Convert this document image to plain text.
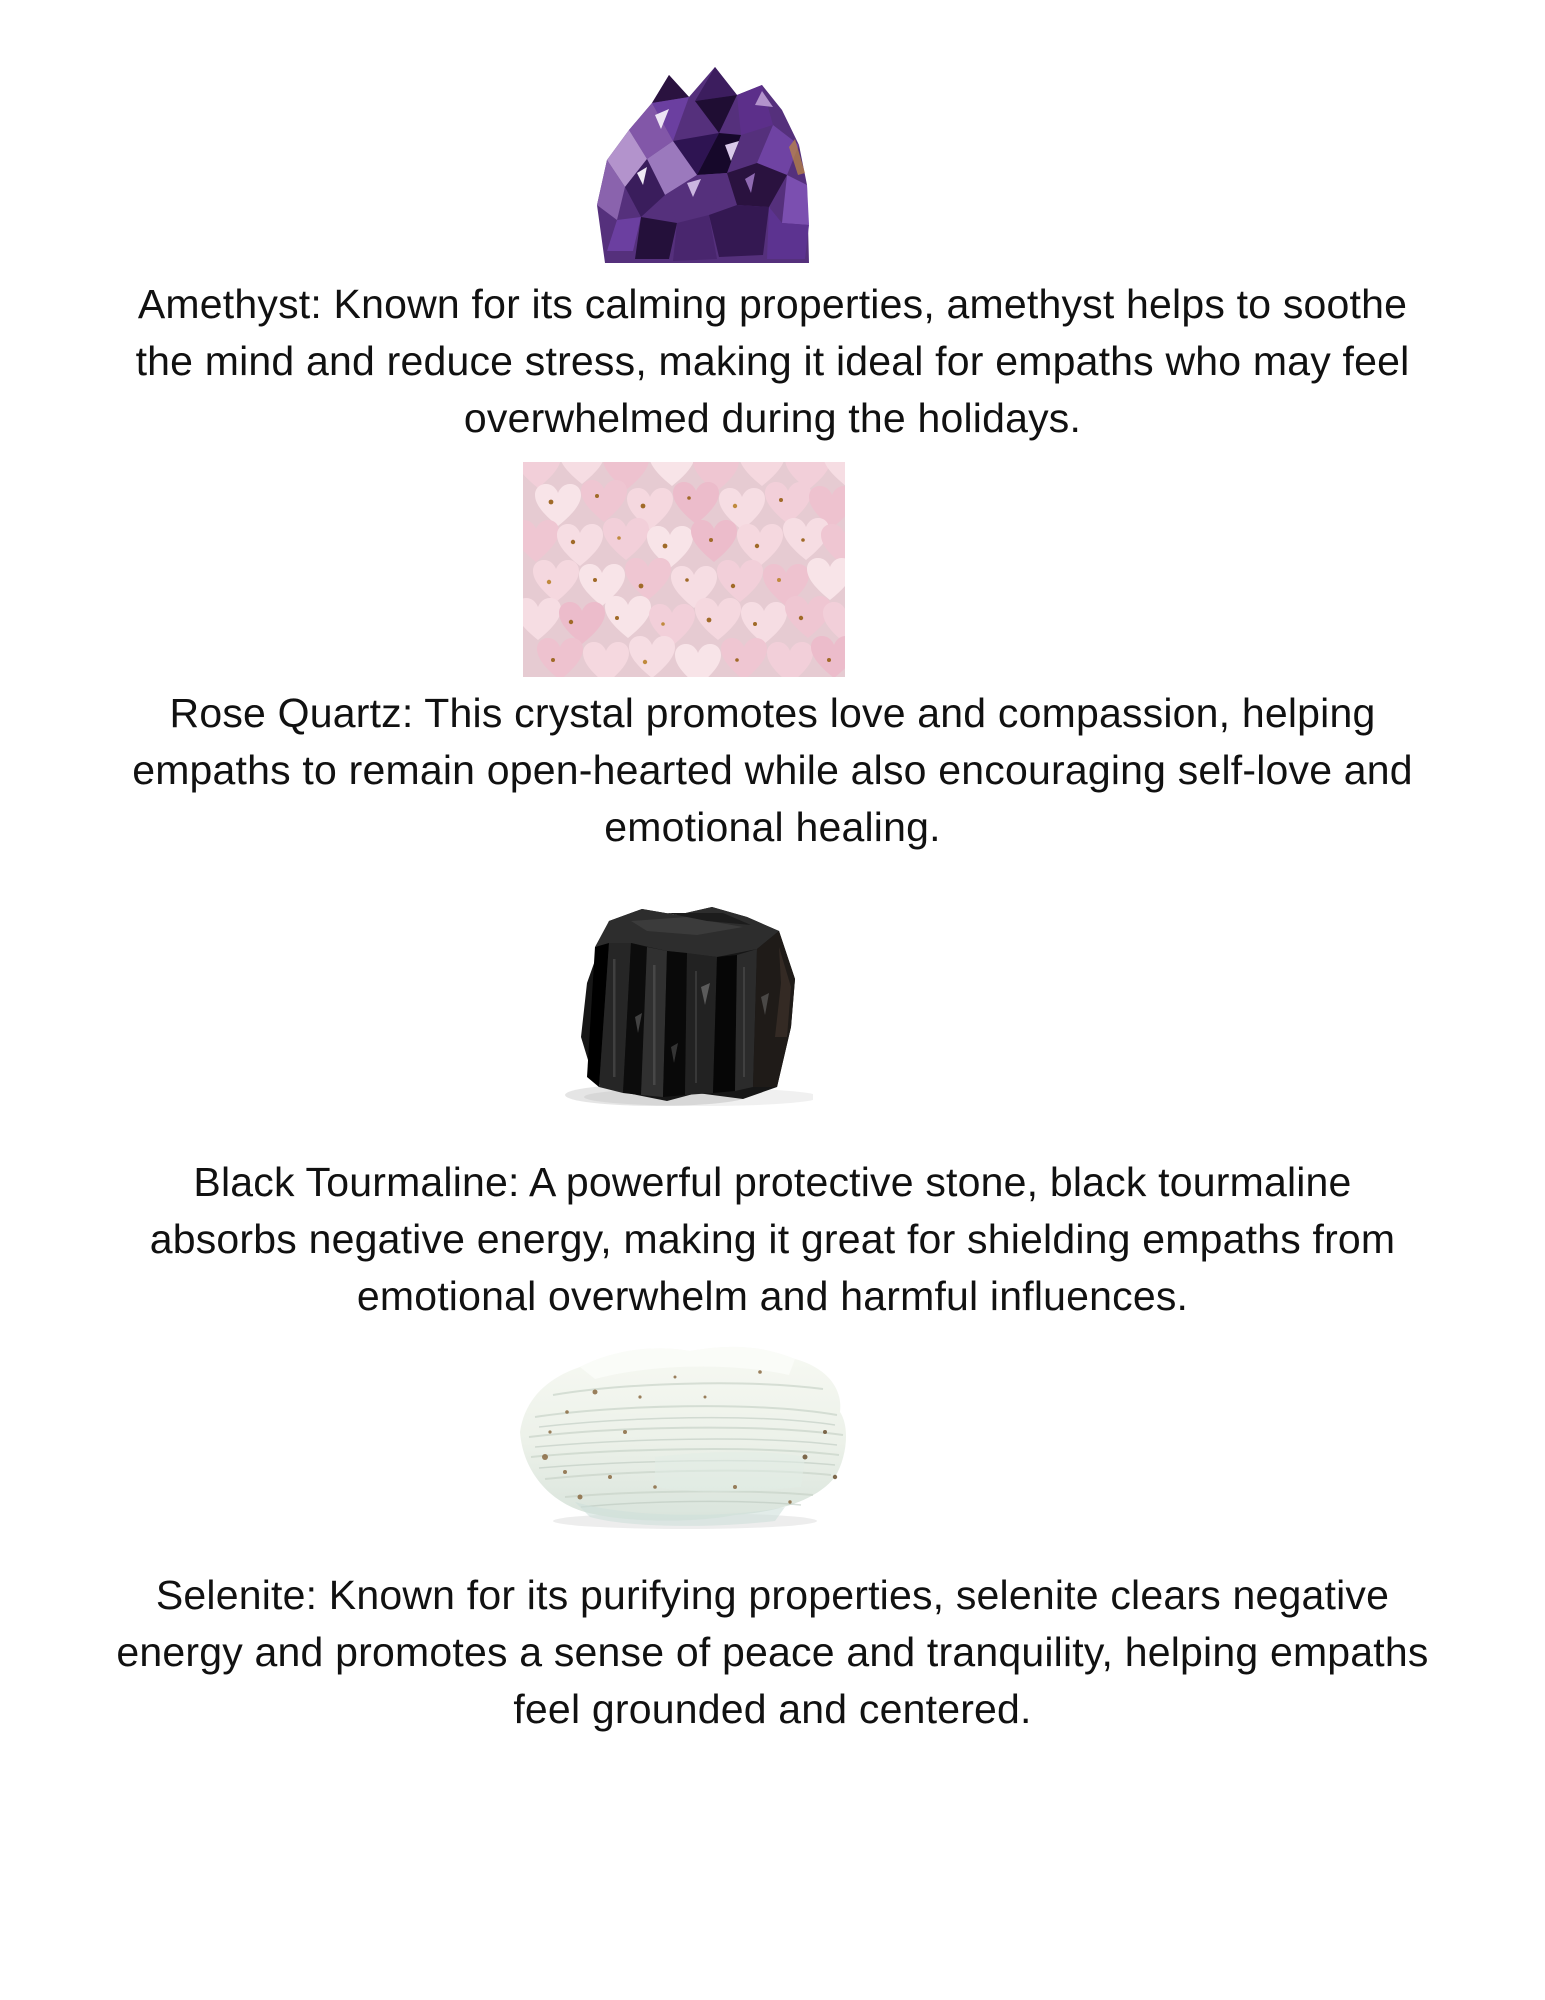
Amethyst: Known for its calming properties, amethyst helps to soothe
the mind and reduce stress, making it ideal for empaths who may feel
overwhelmed during the holidays.
Rose Quartz: This crystal promotes love and compassion, helping
empaths to remain open-hearted while also encouraging self-love and
emotional healing.
Black Tourmaline: A powerful protective stone, black tourmaline
absorbs negative energy, making it great for shielding empaths from
emotional overwhelm and harmful influences.
Selenite: Known for its purifying properties, selenite clears negative
energy and promotes a sense of peace and tranquility, helping empaths
feel grounded and centered.
